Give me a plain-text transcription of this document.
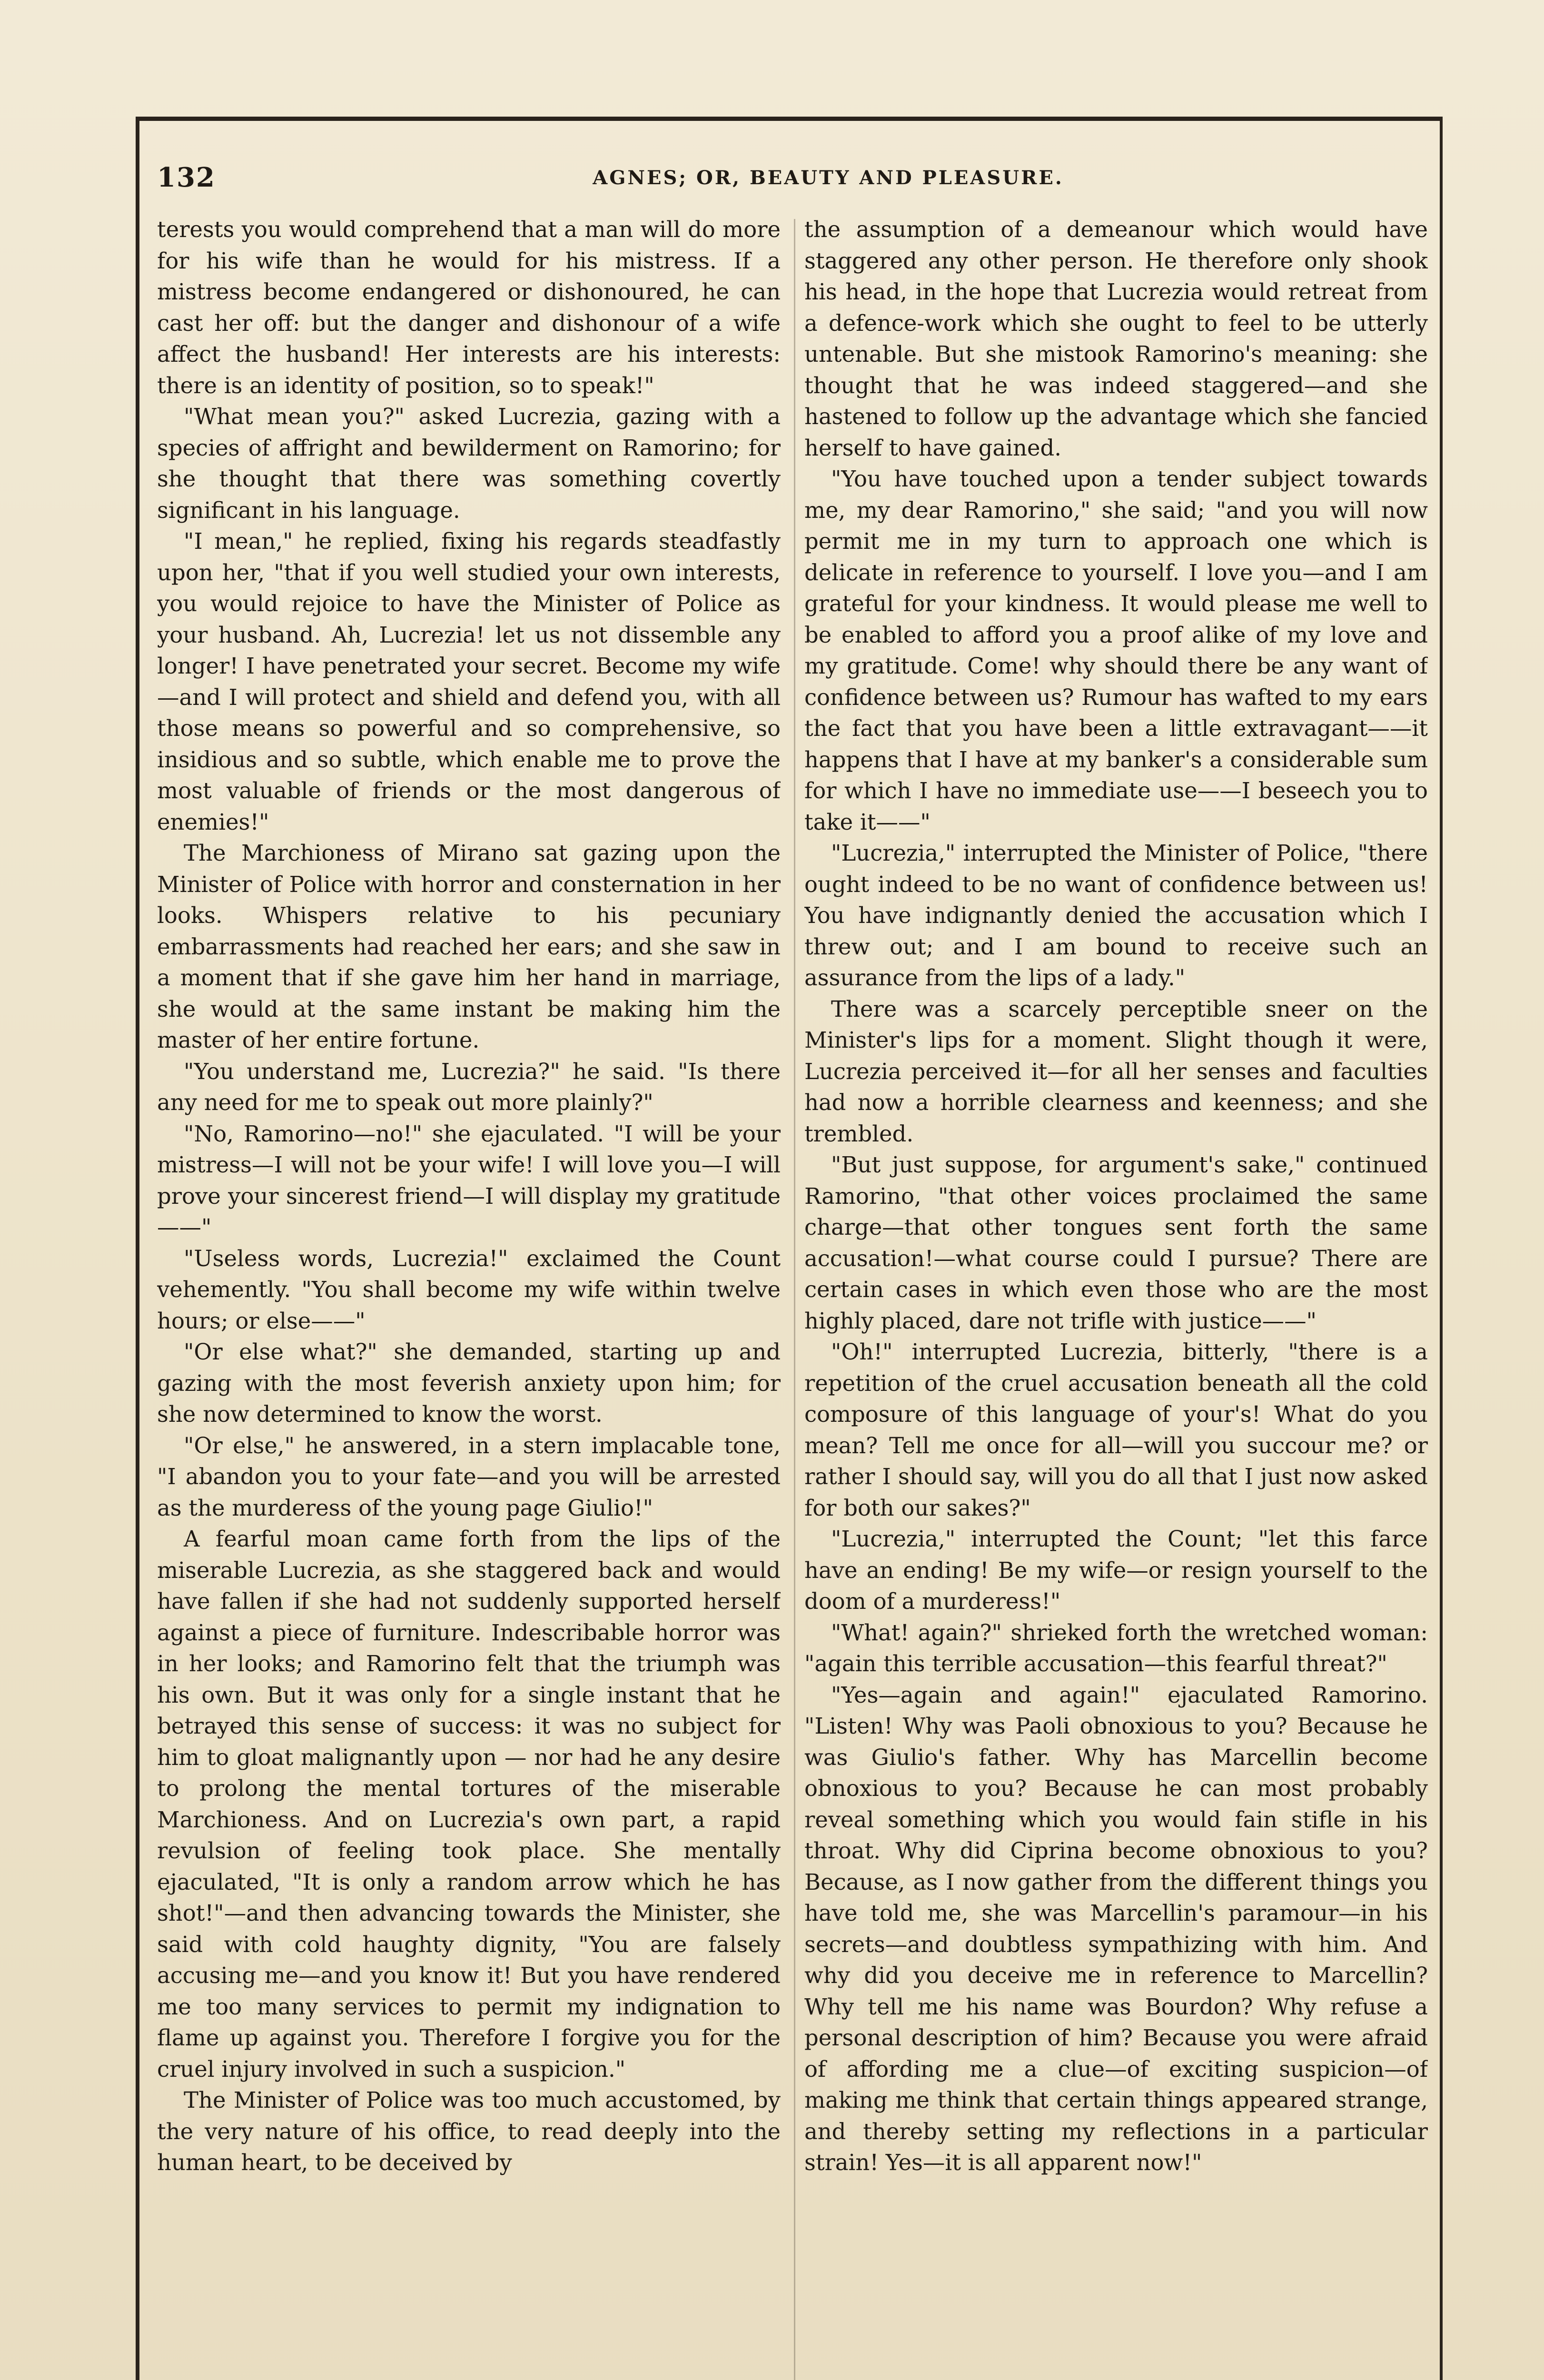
132	AGNES; OR, BEAUTY AND PLEASURE.

terests you would comprehend that a man will do more for his wife than he would for his mistress. If a mistress become endangered or dishonoured, he can cast her off: but the danger and dishonour of a wife affect the husband! Her interests are his interests: there is an identity of position, so to speak!"

"What mean you?" asked Lucrezia, gazing with a species of affright and bewilderment on Ramorino; for she thought that there was something covertly significant in his language.

"I mean," he replied, fixing his regards steadfastly upon her, "that if you well studied your own interests, you would rejoice to have the Minister of Police as your husband. Ah, Lucrezia! let us not dissemble any longer! I have penetrated your secret. Become my wife—and I will protect and shield and defend you, with all those means so powerful and so comprehensive, so insidious and so subtle, which enable me to prove the most valuable of friends or the most dangerous of enemies!"

The Marchioness of Mirano sat gazing upon the Minister of Police with horror and consternation in her looks. Whispers relative to his pecuniary embarrassments had reached her ears; and she saw in a moment that if she gave him her hand in marriage, she would at the same instant be making him the master of her entire fortune.

"You understand me, Lucrezia?" he said. "Is there any need for me to speak out more plainly?"

"No, Ramorino—no!" she ejaculated. "I will be your mistress—I will not be your wife! I will love you—I will prove your sincerest friend—I will display my gratitude——"

"Useless words, Lucrezia!" exclaimed the Count vehemently. "You shall become my wife within twelve hours; or else——"

"Or else what?" she demanded, starting up and gazing with the most feverish anxiety upon him; for she now determined to know the worst.

"Or else," he answered, in a stern implacable tone, "I abandon you to your fate—and you will be arrested as the murderess of the young page Giulio!"

A fearful moan came forth from the lips of the miserable Lucrezia, as she staggered back and would have fallen if she had not suddenly supported herself against a piece of furniture. Indescribable horror was in her looks; and Ramorino felt that the triumph was his own. But it was only for a single instant that he betrayed this sense of success: it was no subject for him to gloat malignantly upon — nor had he any desire to prolong the mental tortures of the miserable Marchioness. And on Lucrezia's own part, a rapid revulsion of feeling took place. She mentally ejaculated, "It is only a random arrow which he has shot!"—and then advancing towards the Minister, she said with cold haughty dignity, "You are falsely accusing me—and you know it! But you have rendered me too many services to permit my indignation to flame up against you. Therefore I forgive you for the cruel injury involved in such a suspicion."

The Minister of Police was too much accustomed, by the very nature of his office, to read deeply into the human heart, to be deceived by

the assumption of a demeanour which would have staggered any other person. He therefore only shook his head, in the hope that Lucrezia would retreat from a defence-work which she ought to feel to be utterly untenable. But she mistook Ramorino's meaning: she thought that he was indeed staggered—and she hastened to follow up the advantage which she fancied herself to have gained.

"You have touched upon a tender subject towards me, my dear Ramorino," she said; "and you will now permit me in my turn to approach one which is delicate in reference to yourself. I love you—and I am grateful for your kindness. It would please me well to be enabled to afford you a proof alike of my love and my gratitude. Come! why should there be any want of confidence between us? Rumour has wafted to my ears the fact that you have been a little extravagant——it happens that I have at my banker's a considerable sum for which I have no immediate use——I beseech you to take it——"

"Lucrezia," interrupted the Minister of Police, "there ought indeed to be no want of confidence between us! You have indignantly denied the accusation which I threw out; and I am bound to receive such an assurance from the lips of a lady."

There was a scarcely perceptible sneer on the Minister's lips for a moment. Slight though it were, Lucrezia perceived it—for all her senses and faculties had now a horrible clearness and keenness; and she trembled.

"But just suppose, for argument's sake," continued Ramorino, "that other voices proclaimed the same charge—that other tongues sent forth the same accusation!—what course could I pursue? There are certain cases in which even those who are the most highly placed, dare not trifle with justice——"

"Oh!" interrupted Lucrezia, bitterly, "there is a repetition of the cruel accusation beneath all the cold composure of this language of your's! What do you mean? Tell me once for all—will you succour me? or rather I should say, will you do all that I just now asked for both our sakes?"

"Lucrezia," interrupted the Count; "let this farce have an ending! Be my wife—or resign yourself to the doom of a murderess!"

"What! again?" shrieked forth the wretched woman: "again this terrible accusation—this fearful threat?"

"Yes—again and again!" ejaculated Ramorino. "Listen! Why was Paoli obnoxious to you? Because he was Giulio's father. Why has Marcellin become obnoxious to you? Because he can most probably reveal something which you would fain stifle in his throat. Why did Ciprina become obnoxious to you? Because, as I now gather from the different things you have told me, she was Marcellin's paramour—in his secrets—and doubtless sympathizing with him. And why did you deceive me in reference to Marcellin? Why tell me his name was Bourdon? Why refuse a personal description of him? Because you were afraid of affording me a clue—of exciting suspicion—of making me think that certain things appeared strange, and thereby setting my reflections in a particular strain! Yes—it is all apparent now!"
